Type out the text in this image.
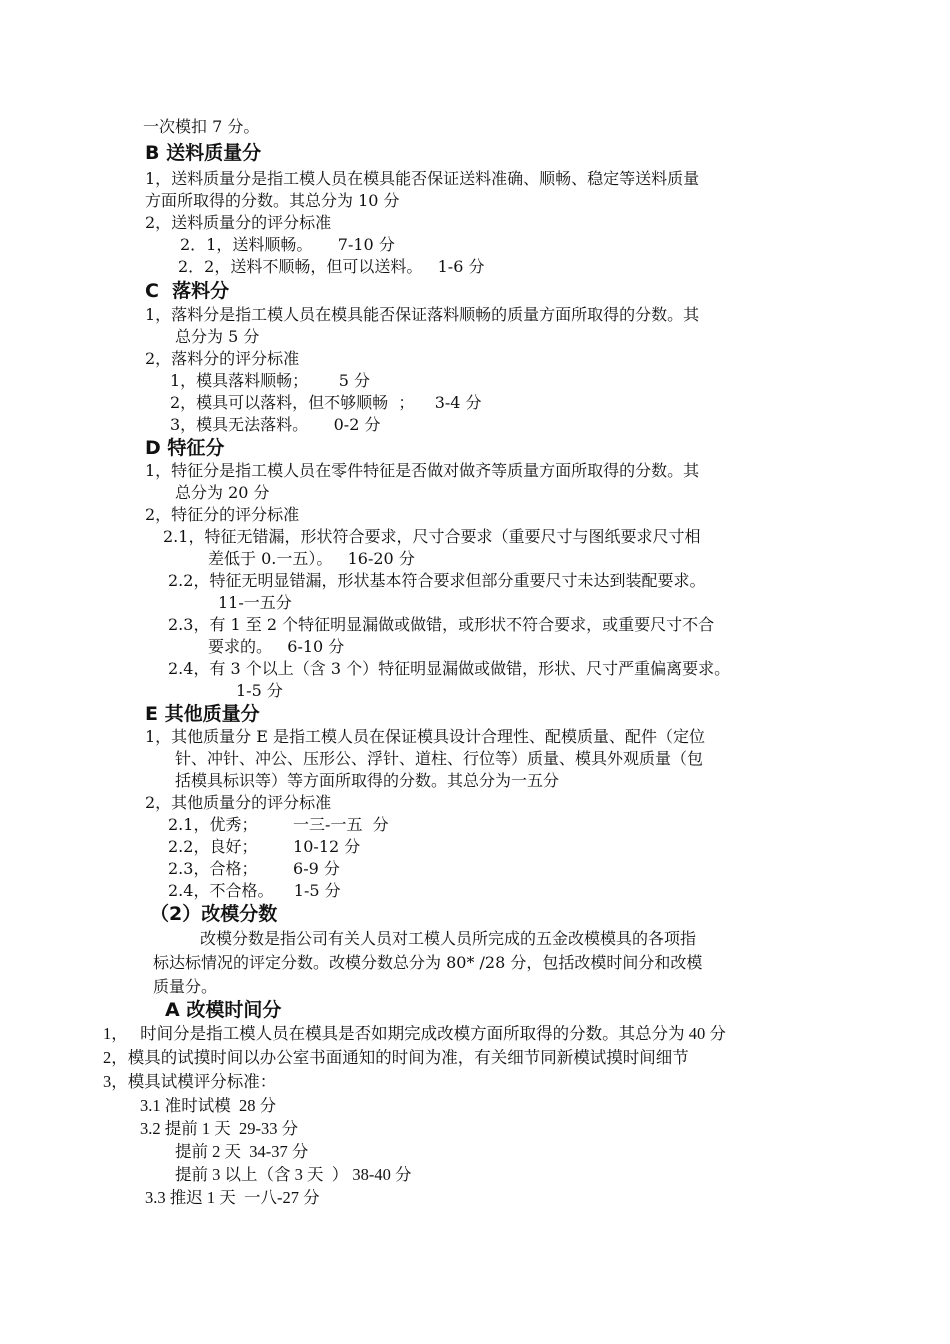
一次模扣 7 分。
B 送料质量分
1，送料质量分是指工模人员在模具能否保证送料准确、顺畅、稳定等送料质量
方面所取得的分数。其总分为 10 分
2，送料质量分的评分标准
2．1，送料顺畅。     7-10 分
2．2，送料不顺畅，但可以送料。   1-6 分
C  落料分
1，落料分是指工模人员在模具能否保证落料顺畅的质量方面所取得的分数。其
总分为 5 分
2，落料分的评分标准
1，模具落料顺畅；      5 分
2，模具可以落料，但不够顺畅  ；    3-4 分
3，模具无法落料。     0-2 分
D 特征分
1，特征分是指工模人员在零件特征是否做对做齐等质量方面所取得的分数。其
总分为 20 分
2，特征分的评分标准
2.1，特征无错漏，形状符合要求，尺寸合要求（重要尺寸与图纸要求尺寸相
差低于 0.一五）。   16-20 分
2.2，特征无明显错漏，形状基本符合要求但部分重要尺寸未达到装配要求。
11-一五分
2.3，有 1 至 2 个特征明显漏做或做错，或形状不符合要求，或重要尺寸不合
要求的。   6-10 分
2.4，有 3 个以上（含 3 个）特征明显漏做或做错，形状、尺寸严重偏离要求。
1-5 分
E 其他质量分
1，其他质量分 E 是指工模人员在保证模具设计合理性、配模质量、配件（定位
针、冲针、冲公、压形公、浮针、道柱、行位等）质量、模具外观质量（包
括模具标识等）等方面所取得的分数。其总分为一五分
2，其他质量分的评分标准
2.1，优秀；       一三-一五  分
2.2，良好；       10-12 分
2.3，合格；       6-9 分
2.4，不合格。    1-5 分
（2）改模分数
改模分数是指公司有关人员对工模人员所完成的五金改模模具的各项指
标达标情况的评定分数。改模分数总分为 80* /28 分，包括改模时间分和改模
质量分。
A 改模时间分
1，   时间分是指工模人员在模具是否如期完成改模方面所取得的分数。其总分为 40 分
2，模具的试摸时间以办公室书面通知的时间为准，有关细节同新模试摸时间细节
3，模具试模评分标准：
3.1 准时试模  28 分
3.2 提前 1 天  29-33 分
提前 2 天  34-37 分
提前 3 以上（含 3 天  ） 38-40 分
3.3 推迟 1 天  一八-27 分
